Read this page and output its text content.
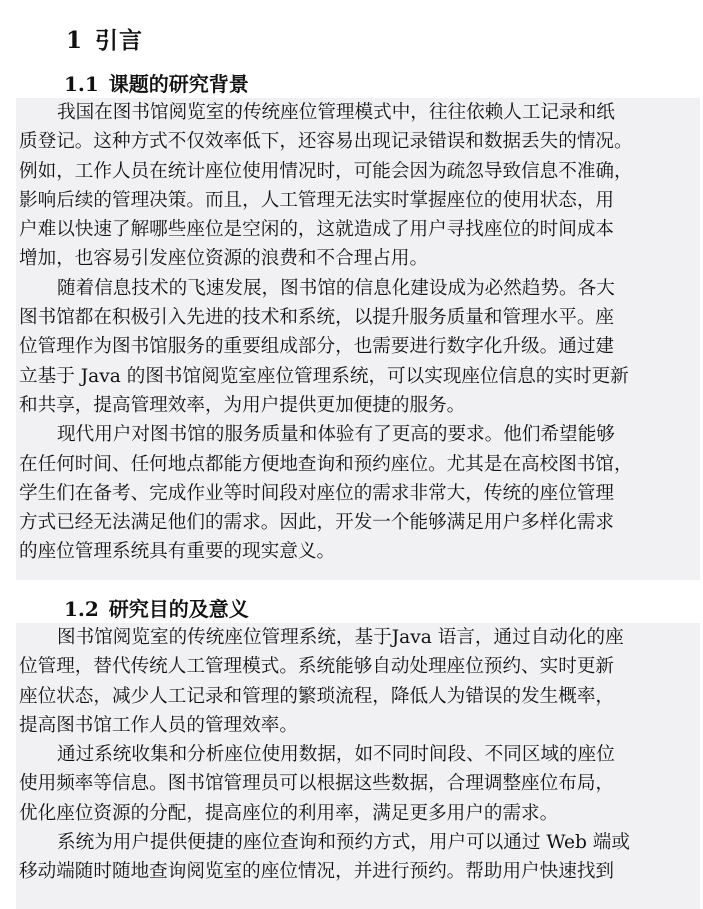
1 引言
1.1 课题的研究背景
我国在图书馆阅览室的传统座位管理模式中，往往依赖人工记录和纸
质登记。这种方式不仅效率低下，还容易出现记录错误和数据丢失的情况。
例如，工作人员在统计座位使用情况时，可能会因为疏忽导致信息不准确，
影响后续的管理决策。而且，人工管理无法实时掌握座位的使用状态，用
户难以快速了解哪些座位是空闲的，这就造成了用户寻找座位的时间成本
增加，也容易引发座位资源的浪费和不合理占用。
随着信息技术的飞速发展，图书馆的信息化建设成为必然趋势。各大
图书馆都在积极引入先进的技术和系统，以提升服务质量和管理水平。座
位管理作为图书馆服务的重要组成部分，也需要进行数字化升级。通过建
立基于 Java 的图书馆阅览室座位管理系统，可以实现座位信息的实时更新
和共享，提高管理效率，为用户提供更加便捷的服务。
现代用户对图书馆的服务质量和体验有了更高的要求。他们希望能够
在任何时间、任何地点都能方便地查询和预约座位。尤其是在高校图书馆，
学生们在备考、完成作业等时间段对座位的需求非常大，传统的座位管理
方式已经无法满足他们的需求。因此，开发一个能够满足用户多样化需求
的座位管理系统具有重要的现实意义。
1.2 研究目的及意义
图书馆阅览室的传统座位管理系统，基于Java 语言，通过自动化的座
位管理，替代传统人工管理模式。系统能够自动处理座位预约、实时更新
座位状态，减少人工记录和管理的繁琐流程，降低人为错误的发生概率，
提高图书馆工作人员的管理效率。
通过系统收集和分析座位使用数据，如不同时间段、不同区域的座位
使用频率等信息。图书馆管理员可以根据这些数据，合理调整座位布局，
优化座位资源的分配，提高座位的利用率，满足更多用户的需求。
系统为用户提供便捷的座位查询和预约方式，用户可以通过 Web 端或
移动端随时随地查询阅览室的座位情况，并进行预约。帮助用户快速找到
